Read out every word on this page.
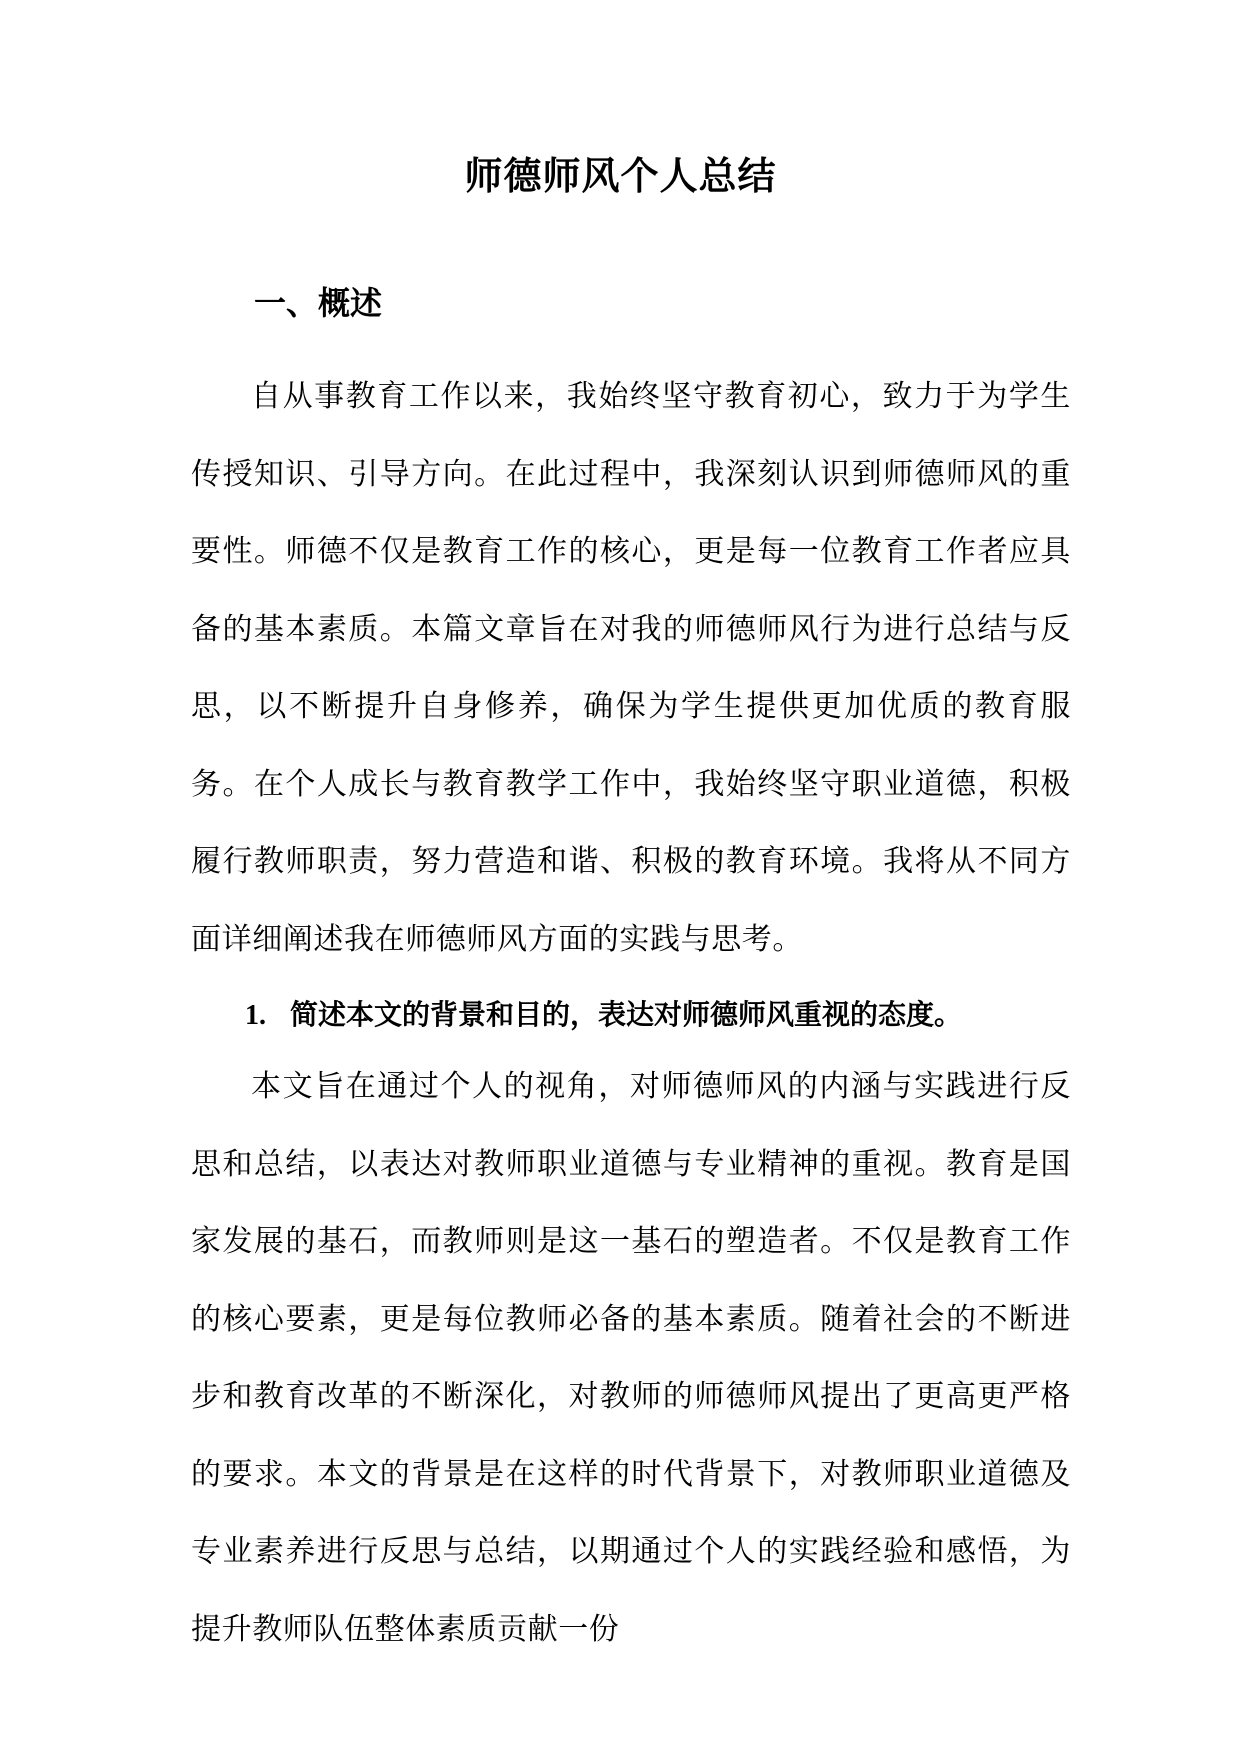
师德师风个人总结
一、概述

自从事教育工作以来，我始终坚守教育初心，致力于为学生传授知识、引导方向。在此过程中，我深刻认识到师德师风的重要性。师德不仅是教育工作的核心，更是每一位教育工作者应具备的基本素质。本篇文章旨在对我的师德师风行为进行总结与反思，以不断提升自身修养，确保为学生提供更加优质的教育服务。在个人成长与教育教学工作中，我始终坚守职业道德，积极履行教师职责，努力营造和谐、积极的教育环境。我将从不同方面详细阐述我在师德师风方面的实践与思考。

1. 简述本文的背景和目的，表达对师德师风重视的态度。

本文旨在通过个人的视角，对师德师风的内涵与实践进行反思和总结，以表达对教师职业道德与专业精神的重视。教育是国家发展的基石，而教师则是这一基石的塑造者。不仅是教育工作的核心要素，更是每位教师必备的基本素质。随着社会的不断进步和教育改革的不断深化，对教师的师德师风提出了更高更严格的要求。本文的背景是在这样的时代背景下，对教师职业道德及专业素养进行反思与总结，以期通过个人的实践经验和感悟，为提升教师队伍整体素质贡献一份
